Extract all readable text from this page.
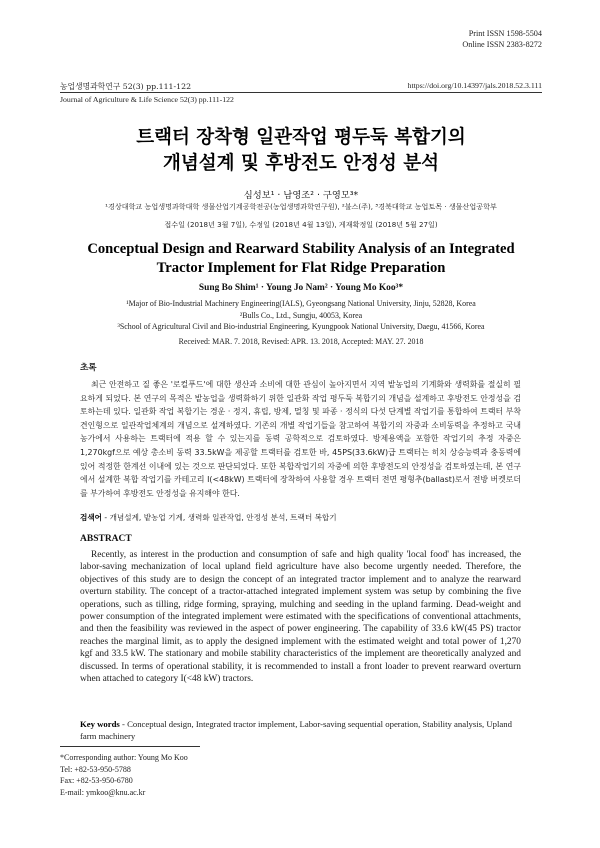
Print ISSN 1598-5504
Online ISSN 2383-8272
농업생명과학연구 52(3) pp.111-122	https://doi.org/10.14397/jals.2018.52.3.111
Journal of Agriculture & Life Science 52(3) pp.111-122
트랙터 장착형 일관작업 평두둑 복합기의
개념설계 및 후방전도 안정성 분석
심성보¹ · 남영조² · 구영모³*
¹경상대학교 농업생명과학대학 생물산업기계공학전공(농업생명과학연구원), ²불스(주), ³경북대학교 농업토목 · 생물산업공학부
접수일 (2018년 3월 7일), 수정일 (2018년 4월 13일), 게재확정일 (2018년 5월 27일)
Conceptual Design and Rearward Stability Analysis of an Integrated
Tractor Implement for Flat Ridge Preparation
Sung Bo Shim¹ · Young Jo Nam² · Young Mo Koo³*
¹Major of Bio-Industrial Machinery Engineering(IALS), Gyeongsang National University, Jinju, 52828, Korea
²Bulls Co., Ltd., Sungju, 40053, Korea
³School of Agricultural Civil and Bio-industrial Engineering, Kyungpook National University, Daegu, 41566, Korea
Received: MAR. 7. 2018, Revised: APR. 13. 2018, Accepted: MAY. 27. 2018
초록
최근 안전하고 질 좋은 '로컬푸드'에 대한 생산과 소비에 대한 관심이 높아지면서 지역 밭농업의 기계화와 생력화를 절실히 필요하게 되었다. 본 연구의 목적은 밭농업을 생력화하기 위한 일관화 작업 평두둑 복합기의 개념을 설계하고 후방전도 안정성을 검토하는데 있다. 일관화 작업 복합기는 경운 · 정지, 휴립, 방제, 멀칭 및 파종 · 정식의 다섯 단계별 작업기를 통합하여 트랙터 부착 견인형으로 일관작업체계의 개념으로 설계하였다. 기존의 개별 작업기들을 참고하여 복합기의 자중과 소비동력을 추정하고 국내 농가에서 사용하는 트랙터에 적용 할 수 있는지를 동력 공학적으로 검토하였다. 방제용액을 포함한 작업기의 추정 자중은 1,270kgf으로 예상 총소비 동력 33.5kW을 제공할 트랙터를 검토한 바, 45PS(33.6kW)급 트랙터는 히치 상승능력과 충동력에 있어 적정한 한계선 이내에 있는 것으로 판단되었다. 또한 복합작업기의 자중에 의한 후방전도의 안정성을 검토하였는데, 본 연구에서 설계한 복합 작업기를 카테고리 I(<48kW) 트랙터에 장착하여 사용할 경우 트랙터 전면 평형추(ballast)로서 전방 버켓로더를 부가하여 후방전도 안정성을 유지해야 한다.
검색어 - 개념설계, 밭농업 기계, 생력화 일관작업, 안정성 분석, 트랙터 복합기
ABSTRACT
Recently, as interest in the production and consumption of safe and high quality 'local food' has increased, the labor-saving mechanization of local upland field agriculture have also become urgently needed. Therefore, the objectives of this study are to design the concept of an integrated tractor implement and to analyze the rearward overturn stability. The concept of a tractor-attached integrated implement system was setup by combining the five operations, such as tilling, ridge forming, spraying, mulching and seeding in the upland farming. Dead-weight and power consumption of the integrated implement were estimated with the specifications of conventional attachments, and then the feasibility was reviewed in the aspect of power engineering. The capability of 33.6 kW(45 PS) tractor reaches the marginal limit, as to apply the designed implement with the estimated weight and total power of 1,270 kgf and 33.5 kW. The stationary and mobile stability characteristics of the implement are theoretically analyzed and discussed. In terms of operational stability, it is recommended to install a front loader to prevent rearward overturn when attached to category I(<48 kW) tractors.
Key words - Conceptual design, Integrated tractor implement, Labor-saving sequential operation, Stability analysis, Upland farm machinery
*Corresponding author: Young Mo Koo
Tel: +82-53-950-5788
Fax: +82-53-950-6780
E-mail: ymkoo@knu.ac.kr
